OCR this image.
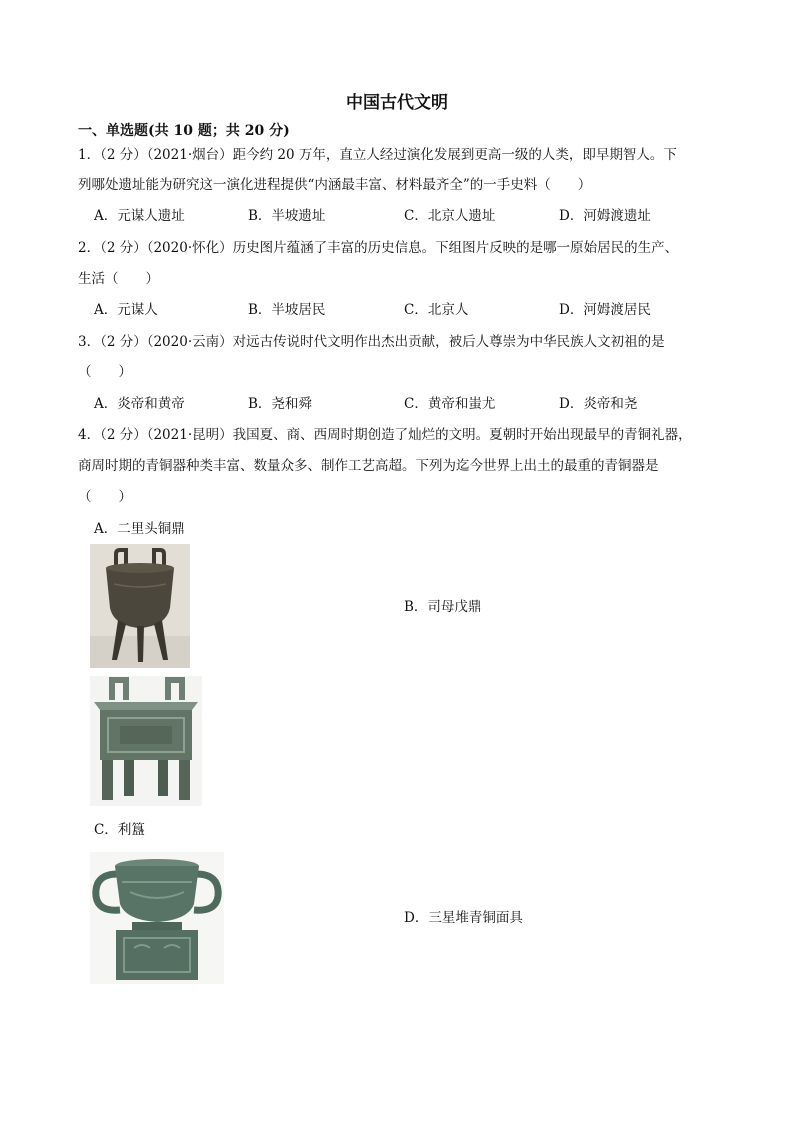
中国古代文明
一、单选题(共 10 题；共 20 分)
1．（2 分）（2021·烟台）距今约 20 万年，直立人经过演化发展到更高一级的人类，即早期智人。下
列哪处遗址能为研究这一演化进程提供“内涵最丰富、材料最齐全”的一手史料（　　）
A．元谋人遗址	B．半坡遗址	C．北京人遗址	D．河姆渡遗址
2．（2 分）（2020·怀化）历史图片蕴涵了丰富的历史信息。下组图片反映的是哪一原始居民的生产、
生活（　　）
A．元谋人	B．半坡居民	C．北京人	D．河姆渡居民
3．（2 分）（2020·云南）对远古传说时代文明作出杰出贡献，被后人尊崇为中华民族人文初祖的是
（　　）
A．炎帝和黄帝	B．尧和舜	C．黄帝和蚩尤	D．炎帝和尧
4．（2 分）（2021·昆明）我国夏、商、西周时期创造了灿烂的文明。夏朝时开始出现最早的青铜礼器，
商周时期的青铜器种类丰富、数量众多、制作工艺高超。下列为迄今世界上出土的最重的青铜器是
（　　）
A．二里头铜鼎
B．司母戊鼎
C．利簋
D．三星堆青铜面具
